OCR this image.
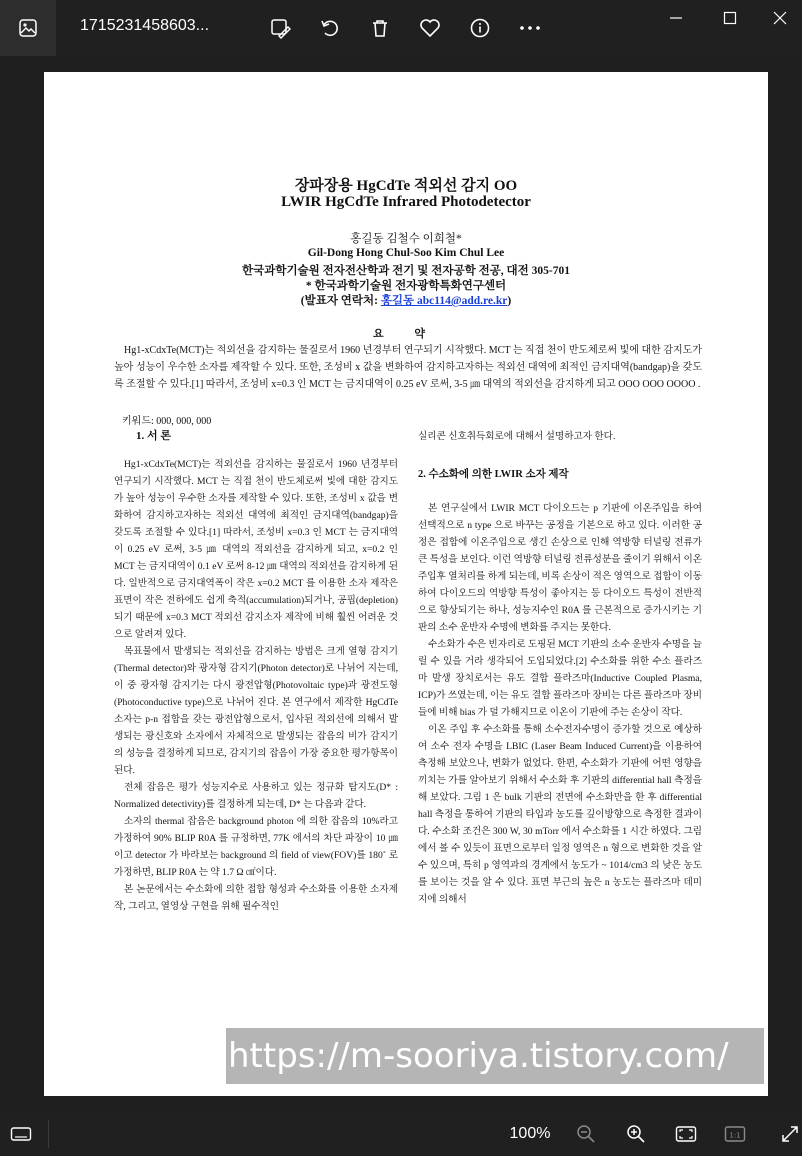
1715231458603...
장파장용 HgCdTe 적외선 감지 OO
LWIR HgCdTe Infrared Photodetector
홍길동 김철수 이희철*
Gil-Dong Hong Chul-Soo Kim Chul Lee
한국과학기술원 전자전산학과 전기 및 전자공학 전공, 대전 305-701
* 한국과학기술원 전자광학특화연구센터
(발표자 연락처: 홍길동 abc114@add.re.kr)
요 약
Hg1-xCdxTe(MCT)는 적외선을 감지하는 물질로서 1960 년경부터 연구되기 시작했다. MCT 는 직접 천이 반도체로써 빛에 대한 감지도가 높아 성능이 우수한 소자를 제작할 수 있다. 또한, 조성비 x 값을 변화하여 감지하고자하는 적외선 대역에 최적인 금지대역(bandgap)을 갖도록 조절할 수 있다.[1] 따라서, 조성비 x=0.3 인 MCT 는 금지대역이 0.25 eV 로써, 3-5 ㎛ 대역의 적외선을 감지하게 되고 OOO OOO OOOO .
키워드: 000, 000, 000
1. 서 론	실리콘 신호취득회로에 대해서 설명하고자 한다.

Hg1-xCdxTe(MCT)는 적외선을 감지하는 물질로서 1960 년경부터 연구되기 시작했다. MCT 는 직접 천이 반도체로써 빛에 대한 감지도가 높아 성능이 우수한 소자를 제작할 수 있다. 또한, 조성비 x 값을 변화하여 감지하고자하는 적외선 대역에 최적인 금지대역(bandgap)을 갖도록 조절할 수 있다.[1] 따라서, 조성비 x=0.3 인 MCT 는 금지대역이 0.25 eV 로써, 3-5 ㎛ 대역의 적외선을 감지하게 되고, x=0.2 인 MCT 는 금지대역이 0.1 eV 로써 8-12 ㎛ 대역의 적외선을 감지하게 된다. 일반적으로 금지대역폭이 작은 x=0.2 MCT 를 이용한 소자 제작은 표면이 작은 전하에도 쉽게 축적(accumulation)되거나, 공핍(depletion)되기 때문에 x=0.3 MCT 적외선 감지소자 제작에 비해 훨씬 어려운 것으로 알려져 있다.

목표물에서 발생되는 적외선을 감지하는 방법은 크게 열형 감지기(Thermal detector)와 광자형 감지기(Photon detector)로 나뉘어 지는데, 이 중 광자형 감지기는 다시 광전압형(Photovoltaic type)과 광전도형(Photoconductive type)으로 나뉘어 진다. 본 연구에서 제작한 HgCdTe 소자는 p-n 접합을 갖는 광전압형으로서, 입사된 적외선에 의해서 발생되는 광신호와 소자에서 자체적으로 발생되는 잡음의 비가 감지기의 성능을 결정하게 되므로, 감지기의 잡음이 가장 중요한 평가항목이 된다.

전체 잡음은 평가 성능지수로 사용하고 있는 정규화 탐지도(D* : Normalized detectivity)를 결정하게 되는데, D* 는 다음과 같다.

소자의 thermal 잡음은 background photon 에 의한 잡음의 10%라고 가정하여 90% BLIP R0A 를 규정하면, 77K 에서의 차단 파장이 10 ㎛이고 detector 가 바라보는 background 의 field of view(FOV)를 180˚ 로 가정하면, BLIP R0A 는 약 1.7 Ω ㎠이다.

본 논문에서는 수소화에 의한 접합 형성과 수소화를 이용한 소자제작, 그리고, 열영상 구현을 위해 필수적인

2. 수소화에 의한 LWIR 소자 제작

본 연구실에서 LWIR MCT 다이오드는 p 기판에 이온주입을 하여 선택적으로 n type 으로 바꾸는 공정을 기본으로 하고 있다. 이러한 공정은 접합에 이온주입으로 생긴 손상으로 인해 역방향 터널링 전류가 큰 특성을 보인다. 이런 역방향 터널링 전류성분을 줄이기 위해서 이온주입후 열처리를 하게 되는데, 비록 손상이 적은 영역으로 접합이 이동하여 다이오드의 역방향 특성이 좋아지는 등 다이오드 특성이 전반적으로 향상되기는 하나, 성능지수인 R0A 를 근본적으로 증가시키는 기판의 소수 운반자 수명에 변화를 주지는 못한다.

수소화가 수은 빈자리로 도핑된 MCT 기판의 소수 운반자 수명을 늘릴 수 있을 거라 생각되어 도입되었다.[2] 수소화를 위한 수소 플라즈마 발생 장치로서는 유도 결합 플라즈마(Inductive Coupled Plasma, ICP)가 쓰였는데, 이는 유도 결합 플라즈마 장비는 다른 플라즈마 장비들에 비해 bias 가 덜 가해지므로 이온이 기판에 주는 손상이 작다.

이온 주입 후 수소화를 통해 소수전자수명이 증가할 것으로 예상하여 소수 전자 수명을 LBIC (Laser Beam Induced Current)을 이용하여 측정해 보았으나, 변화가 없었다. 한편, 수소화가 기판에 어떤 영향을 끼치는 가를 알아보기 위해서 수소화 후 기판의 differential hall 측정을 해 보았다. 그림 1 은 bulk 기판의 전면에 수소화만을 한 후 differential hall 측정을 통하여 기판의 타입과 농도를 깊이방향으로 측정한 결과이다. 수소화 조건은 300 W, 30 mTorr 에서 수소화를 1 시간 하였다. 그림에서 볼 수 있듯이 표면으로부터 일정 영역은 n 형으로 변화한 것을 알 수 있으며, 특히 p 영역과의 경계에서 농도가 ~ 1014/cm3 의 낮은 농도를 보이는 것을 알 수 있다. 표면 부근의 높은 n 농도는 플라즈마 데미지에 의해서

https://m-sooriya.tistory.com/
100%	1:1
